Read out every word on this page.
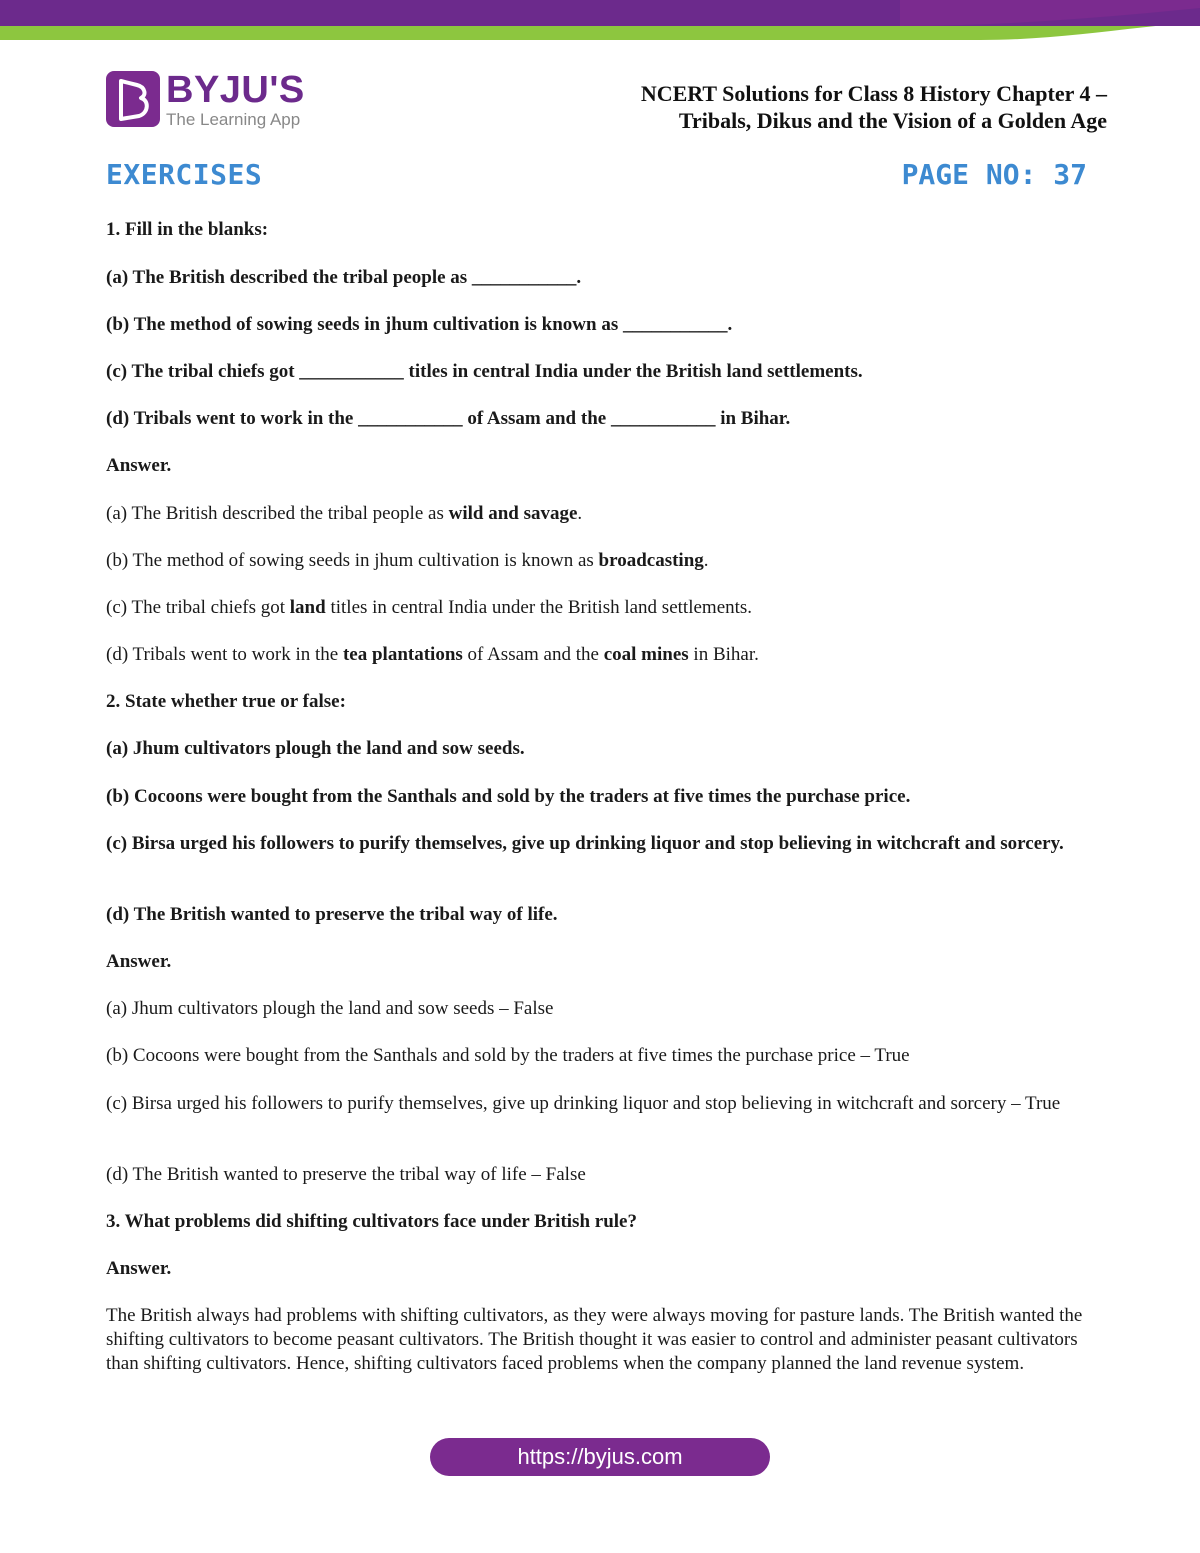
BYJU'S
The Learning App
NCERT Solutions for Class 8 History Chapter 4 –
Tribals, Dikus and the Vision of a Golden Age
EXERCISES	PAGE NO: 37
1. Fill in the blanks:
(a) The British described the tribal people as ___________.
(b) The method of sowing seeds in jhum cultivation is known as ___________.
(c) The tribal chiefs got ___________ titles in central India under the British land settlements.
(d) Tribals went to work in the ___________ of Assam and the ___________ in Bihar.
Answer.
(a) The British described the tribal people as wild and savage.
(b) The method of sowing seeds in jhum cultivation is known as broadcasting.
(c) The tribal chiefs got land titles in central India under the British land settlements.
(d) Tribals went to work in the tea plantations of Assam and the coal mines in Bihar.
2. State whether true or false:
(a) Jhum cultivators plough the land and sow seeds.
(b) Cocoons were bought from the Santhals and sold by the traders at five times the purchase price.
(c) Birsa urged his followers to purify themselves, give up drinking liquor and stop believing in witchcraft and sorcery.
(d) The British wanted to preserve the tribal way of life.
Answer.
(a) Jhum cultivators plough the land and sow seeds – False
(b) Cocoons were bought from the Santhals and sold by the traders at five times the purchase price – True
(c) Birsa urged his followers to purify themselves, give up drinking liquor and stop believing in witchcraft and sorcery – True
(d) The British wanted to preserve the tribal way of life – False
3. What problems did shifting cultivators face under British rule?
Answer.
The British always had problems with shifting cultivators, as they were always moving for pasture lands. The British wanted the shifting cultivators to become peasant cultivators. The British thought it was easier to control and administer peasant cultivators than shifting cultivators. Hence, shifting cultivators faced problems when the company planned the land revenue system.
https://byjus.com
